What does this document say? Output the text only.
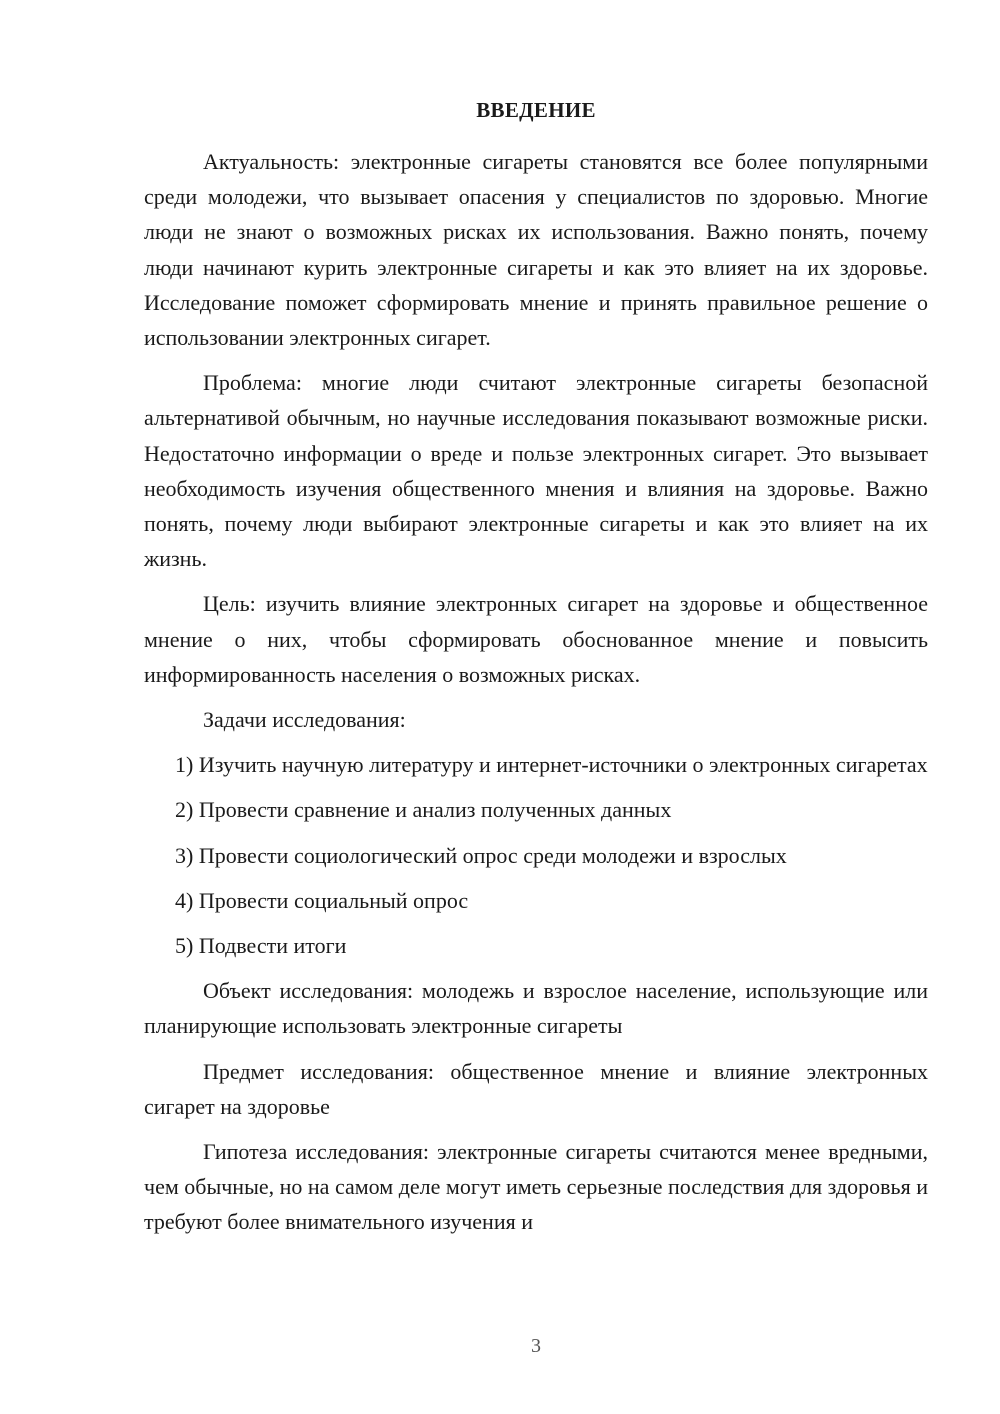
ВВЕДЕНИЕ

Актуальность: электронные сигареты становятся все более популярными среди молодежи, что вызывает опасения у специалистов по здоровью. Многие люди не знают о возможных рисках их использования. Важно понять, почему люди начинают курить электронные сигареты и как это влияет на их здоровье. Исследование поможет сформировать мнение и принять правильное решение о использовании электронных сигарет.

Проблема: многие люди считают электронные сигареты безопасной альтернативой обычным, но научные исследования показывают возможные риски. Недостаточно информации о вреде и пользе электронных сигарет. Это вызывает необходимость изучения общественного мнения и влияния на здоровье. Важно понять, почему люди выбирают электронные сигареты и как это влияет на их жизнь.

Цель: изучить влияние электронных сигарет на здоровье и общественное мнение о них, чтобы сформировать обоснованное мнение и повысить информированность населения о возможных рисках.

Задачи исследования:

1) Изучить научную литературу и интернет-источники о электронных сигаретах

2) Провести сравнение и анализ полученных данных

3) Провести социологический опрос среди молодежи и взрослых

4) Провести социальный опрос

5) Подвести итоги

Объект исследования: молодежь и взрослое население, использующие или планирующие использовать электронные сигареты

Предмет исследования: общественное мнение и влияние электронных сигарет на здоровье

Гипотеза исследования: электронные сигареты считаются менее вредными, чем обычные, но на самом деле могут иметь серьезные последствия для здоровья и требуют более внимательного изучения и

3
